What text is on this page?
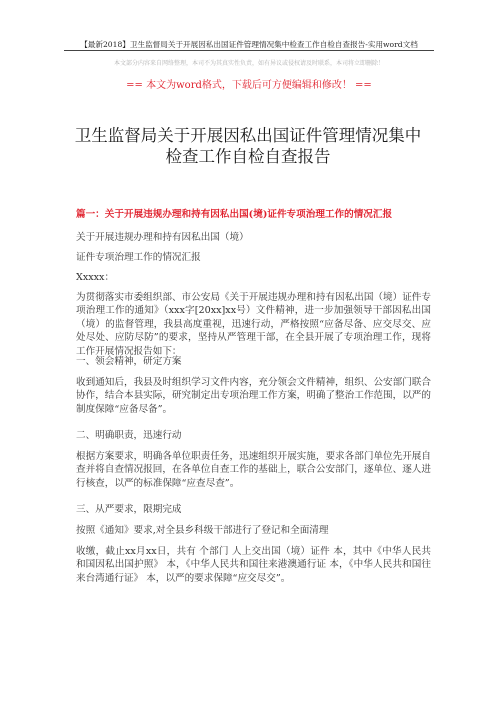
【最新2018】卫生监督局关于开展因私出国证件管理情况集中检查工作自检自查报告-实用word文档
本文部分内容来自网络整理，本司不为其真实性负责，如有异议或侵权请及时联系，本司将立即删除！
== 本文为word格式，下载后可方便编辑和修改！ ==
卫生监督局关于开展因私出国证件管理情况集中检查工作自检自查报告
篇一：关于开展违规办理和持有因私出国(境)证件专项治理工作的情况汇报
关于开展违规办理和持有因私出国（境）
证件专项治理工作的情况汇报
Xxxxx：
为贯彻落实市委组织部、市公安局《关于开展违规办理和持有因私出国（境）证件专项治理工作的通知》（xxx字[20xx]xx号）文件精神，进一步加强领导干部因私出国（境）的监督管理，我县高度重视，迅速行动，严格按照“应备尽备、应交尽交、应处尽处、应防尽防”的要求，坚持从严管理干部，在全县开展了专项治理工作，现将工作开展情况报告如下：
一、领会精神，研定方案
收到通知后，我县及时组织学习文件内容，充分领会文件精神，组织、公安部门联合协作，结合本县实际，研究制定出专项治理工作方案，明确了整治工作范围，以严的制度保障“应备尽备”。
二、明确职责，迅速行动
根据方案要求，明确各单位职责任务，迅速组织开展实施，要求各部门单位先开展自查并将自查情况报回，在各单位自查工作的基础上，联合公安部门，逐单位、逐人进行核查，以严的标准保障“应查尽查”。
三、从严要求，限期完成
按照《通知》要求,对全县乡科级干部进行了登记和全面清理
收缴，截止xx月xx日，共有 个部门 人上交出国（境）证件 本，其中《中华人民共和国因私出国护照》 本，《中华人民共和国往来港澳通行证 本，《中华人民共和国往来台湾通行证》 本，以严的要求保障“应交尽交”。
